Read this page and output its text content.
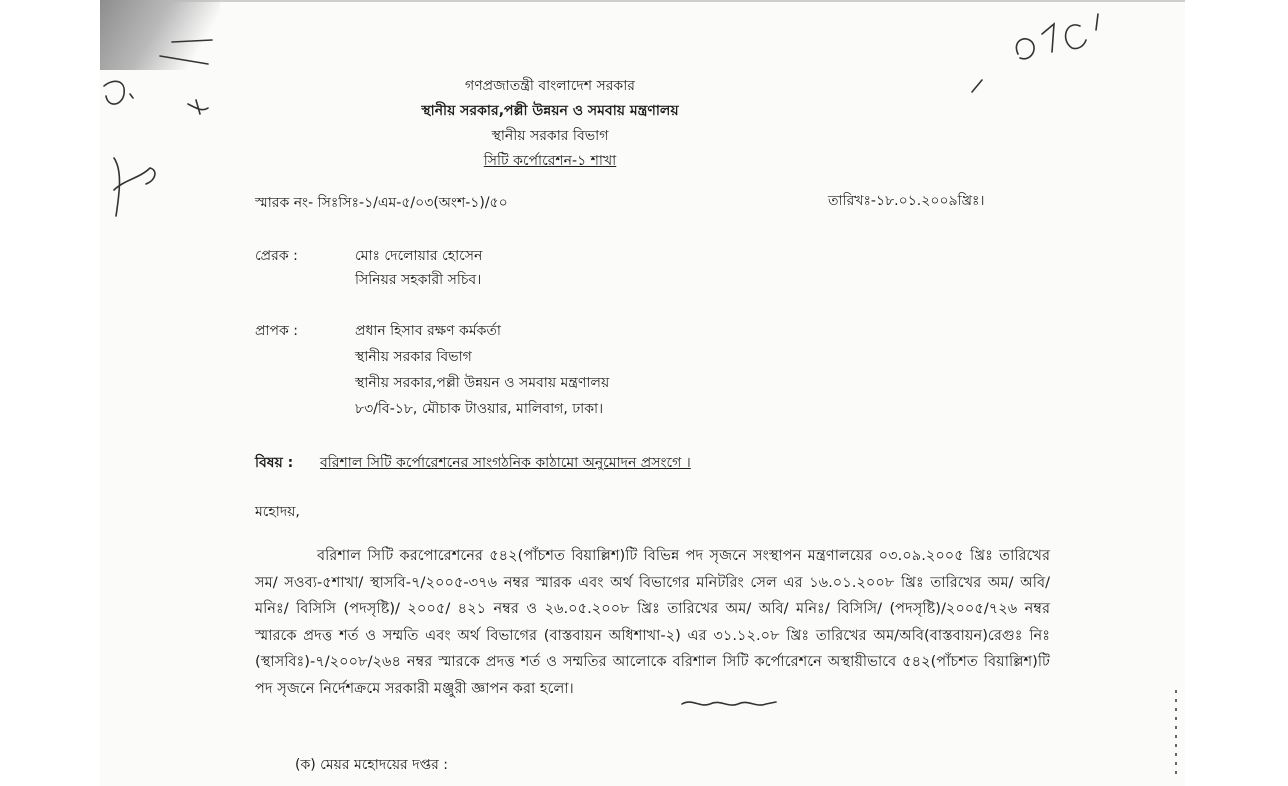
গণপ্রজাতন্ত্রী বাংলাদেশ সরকার
স্থানীয় সরকার,পল্লী উন্নয়ন ও সমবায় মন্ত্রণালয়
স্থানীয় সরকার বিভাগ
সিটি কর্পোরেশন-১ শাখা
স্মারক নং- সিঃসিঃ-১/এম-৫/০৩(অংশ-১)/৫০	তারিখঃ-১৮.০১.২০০৯খ্রিঃ।
প্রেরক :	মোঃ দেলোয়ার হোসেন
সিনিয়র সহকারী সচিব।
প্রাপক :	প্রধান হিসাব রক্ষণ কর্মকর্তা
স্থানীয় সরকার বিভাগ
স্থানীয় সরকার,পল্লী উন্নয়ন ও সমবায় মন্ত্রণালয়
৮৩/বি-১৮, মৌচাক টাওয়ার, মালিবাগ, ঢাকা।
বিষয় : বরিশাল সিটি কর্পোরেশনের সাংগঠনিক কাঠামো অনুমোদন প্রসংগে ।
মহোদয়,
বরিশাল সিটি করপোরেশনের ৫৪২(পাঁচশত বিয়াল্লিশ)টি বিভিন্ন পদ সৃজনে সংস্থাপন মন্ত্রণালয়ের ০৩.০৯.২০০৫ খ্রিঃ তারিখের সম/ সওব্য-৫শাখা/ স্থাসবি-৭/২০০৫-৩৭৬ নম্বর স্মারক এবং অর্থ বিভাগের মনিটরিং সেল এর ১৬.০১.২০০৮ খ্রিঃ তারিখের অম/ অবি/ মনিঃ/ বিসিসি (পদসৃষ্টি)/ ২০০৫/ ৪২১ নম্বর ও ২৬.০৫.২০০৮ খ্রিঃ তারিখের অম/ অবি/ মনিঃ/ বিসিসি/ (পদসৃষ্টি)/২০০৫/৭২৬ নম্বর স্মারকে প্রদত্ত শর্ত ও সম্মতি এবং অর্থ বিভাগের (বাস্তবায়ন অধিশাখা-২) এর ৩১.১২.০৮ খ্রিঃ তারিখের অম/অবি(বাস্তবায়ন)রেগুঃ নিঃ (স্থাসবিঃ)-৭/২০০৮/২৬৪ নম্বর স্মারকে প্রদত্ত শর্ত ও সম্মতির আলোকে বরিশাল সিটি কর্পোরেশনে অস্থায়ীভাবে ৫৪২(পাঁচশত বিয়াল্লিশ)টি পদ সৃজনে নির্দেশক্রমে সরকারী মঞ্জুরী জ্ঞাপন করা হলো।
(ক) মেয়র মহোদয়ের দপ্তর :
